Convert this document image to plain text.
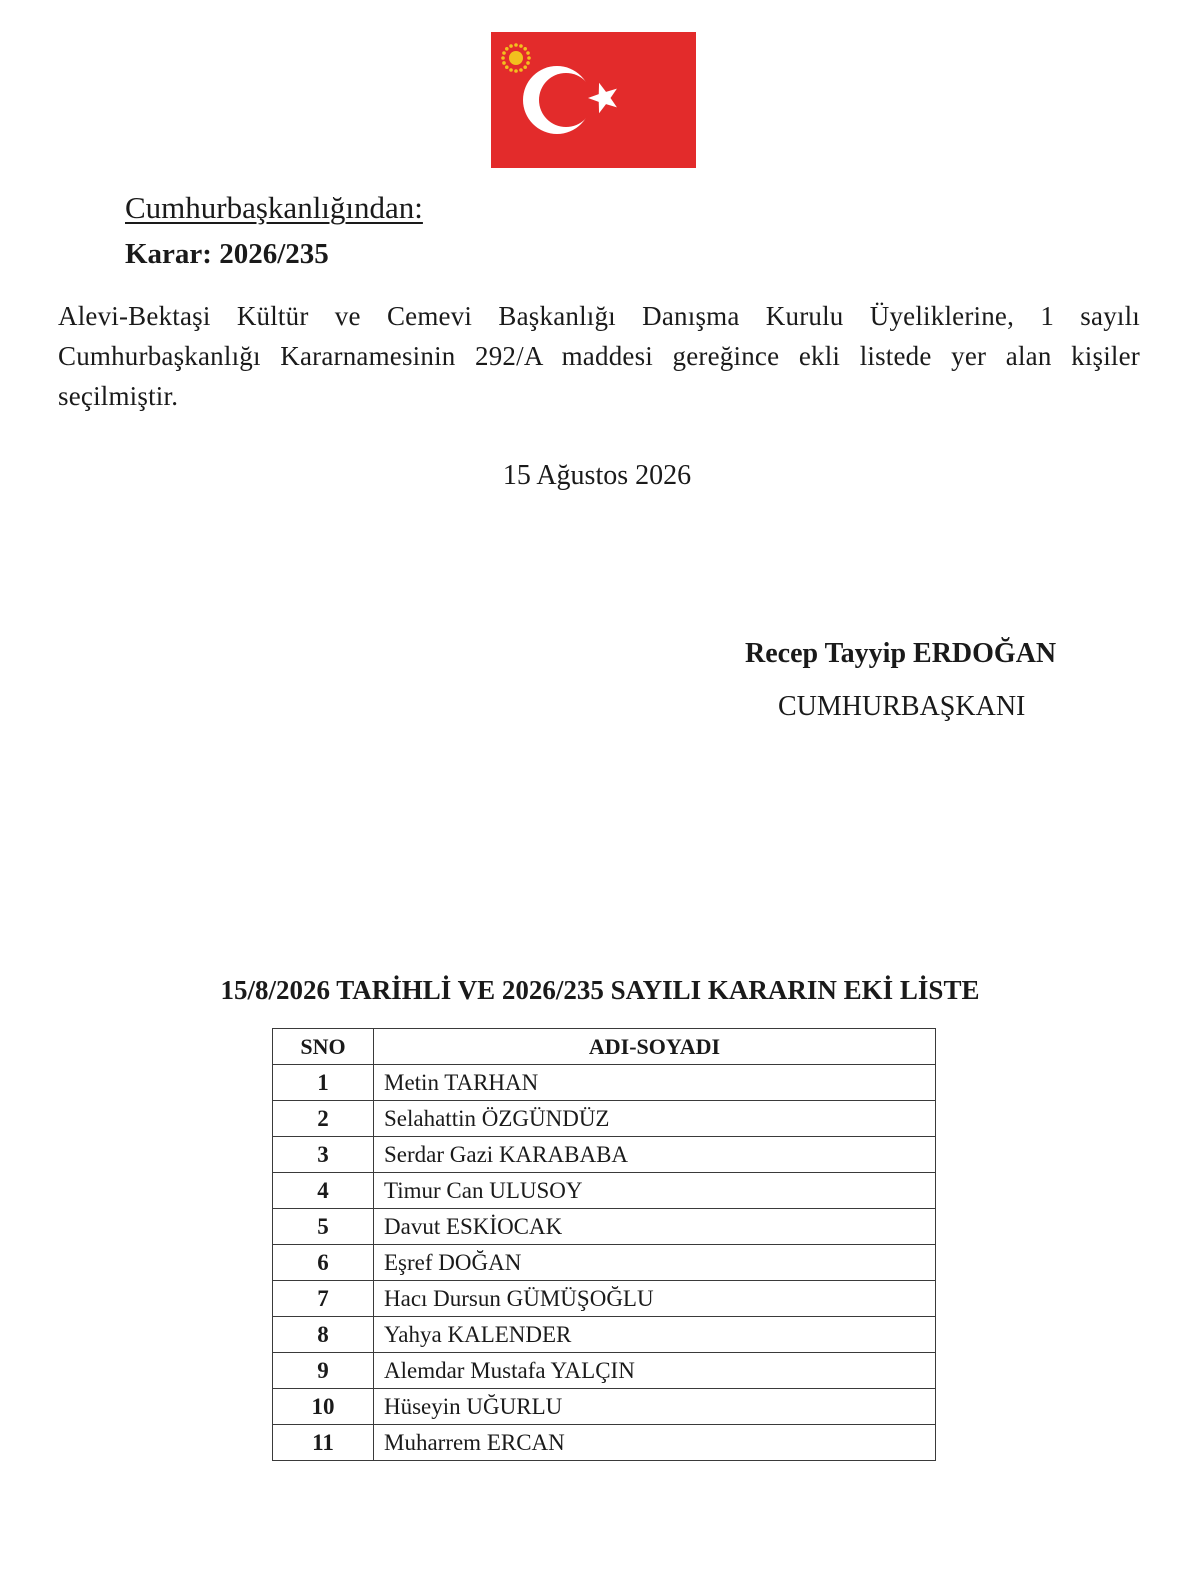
Cumhurbaşkanlığından:
Karar: 2026/235
Alevi-Bektaşi Kültür ve Cemevi Başkanlığı Danışma Kurulu Üyeliklerine, 1 sayılı Cumhurbaşkanlığı Kararnamesinin 292/A maddesi gereğince ekli listede yer alan kişiler seçilmiştir.
15 Ağustos 2026
Recep Tayyip ERDOĞAN
CUMHURBAŞKANI
15/8/2026 TARİHLİ VE 2026/235 SAYILI KARARIN EKİ LİSTE
SNO	ADI-SOYADI
1	Metin TARHAN
2	Selahattin ÖZGÜNDÜZ
3	Serdar Gazi KARABABA
4	Timur Can ULUSOY
5	Davut ESKİOCAK
6	Eşref DOĞAN
7	Hacı Dursun GÜMÜŞOĞLU
8	Yahya KALENDER
9	Alemdar Mustafa YALÇIN
10	Hüseyin UĞURLU
11	Muharrem ERCAN
